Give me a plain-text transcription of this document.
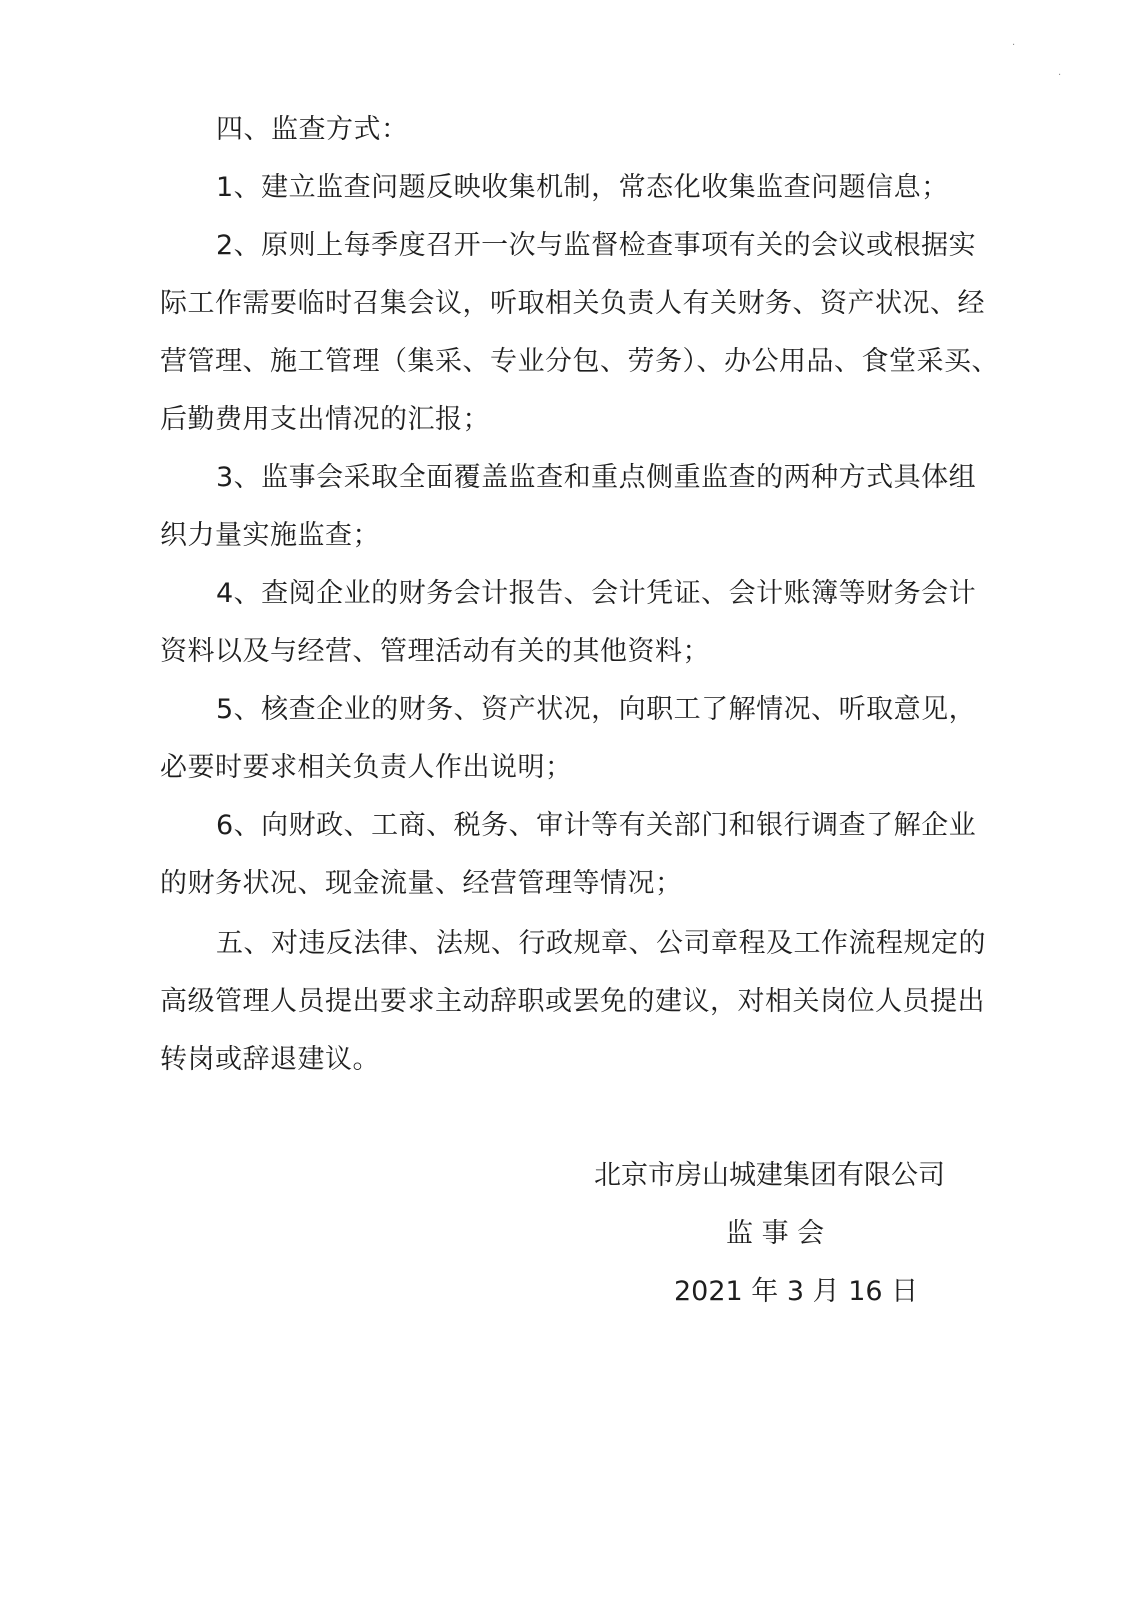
四、监查方式：
1、建立监查问题反映收集机制，常态化收集监查问题信息；
2、原则上每季度召开一次与监督检查事项有关的会议或根据实
际工作需要临时召集会议，听取相关负责人有关财务、资产状况、经
营管理、施工管理（集采、专业分包、劳务）、办公用品、食堂采买、
后勤费用支出情况的汇报；
3、监事会采取全面覆盖监查和重点侧重监查的两种方式具体组
织力量实施监查；
4、查阅企业的财务会计报告、会计凭证、会计账簿等财务会计
资料以及与经营、管理活动有关的其他资料；
5、核查企业的财务、资产状况，向职工了解情况、听取意见，
必要时要求相关负责人作出说明；
6、向财政、工商、税务、审计等有关部门和银行调查了解企业
的财务状况、现金流量、经营管理等情况；
五、对违反法律、法规、行政规章、公司章程及工作流程规定的
高级管理人员提出要求主动辞职或罢免的建议，对相关岗位人员提出
转岗或辞退建议。
北京市房山城建集团有限公司
监 事 会
2021 年 3 月 16 日
·
·
